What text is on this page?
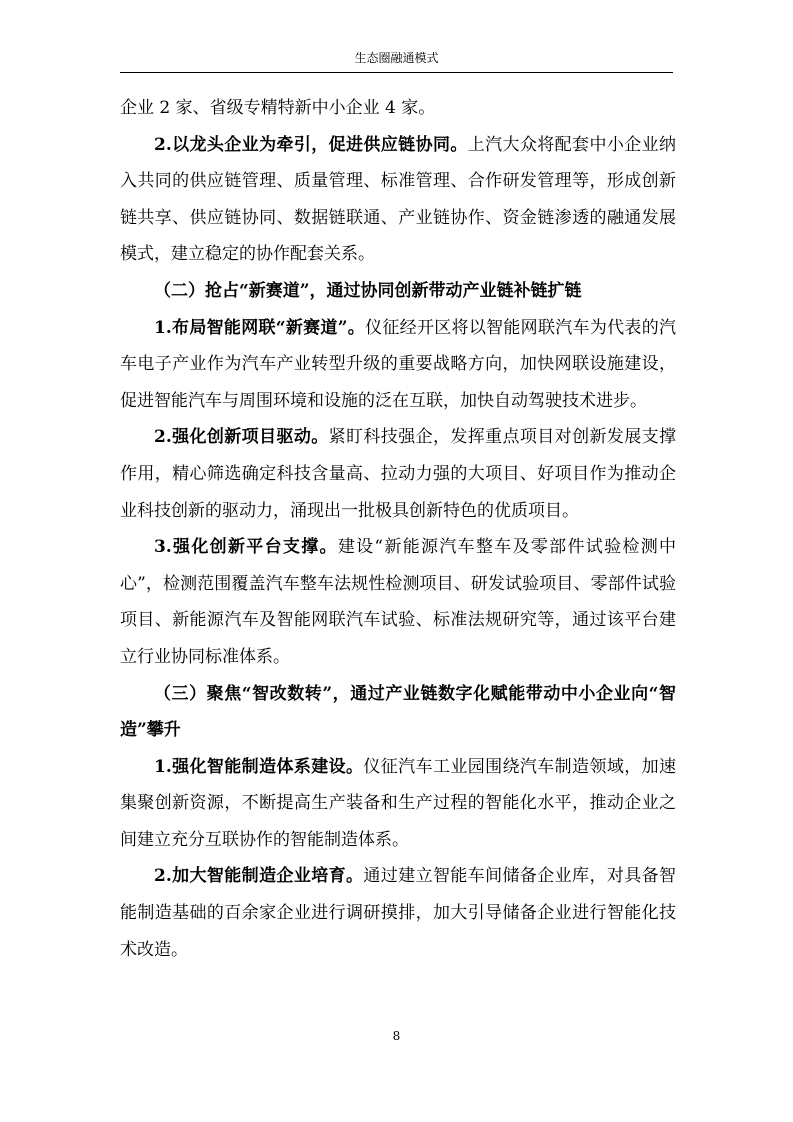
生态圈融通模式

企业 2 家、省级专精特新中小企业 4 家。

2.以龙头企业为牵引，促进供应链协同。上汽大众将配套中小企业纳入共同的供应链管理、质量管理、标准管理、合作研发管理等，形成创新链共享、供应链协同、数据链联通、产业链协作、资金链渗透的融通发展模式，建立稳定的协作配套关系。

（二）抢占“新赛道”，通过协同创新带动产业链补链扩链

1.布局智能网联“新赛道”。仪征经开区将以智能网联汽车为代表的汽车电子产业作为汽车产业转型升级的重要战略方向，加快网联设施建设，促进智能汽车与周围环境和设施的泛在互联，加快自动驾驶技术进步。

2.强化创新项目驱动。紧盯科技强企，发挥重点项目对创新发展支撑作用，精心筛选确定科技含量高、拉动力强的大项目、好项目作为推动企业科技创新的驱动力，涌现出一批极具创新特色的优质项目。

3.强化创新平台支撑。建设“新能源汽车整车及零部件试验检测中心”，检测范围覆盖汽车整车法规性检测项目、研发试验项目、零部件试验项目、新能源汽车及智能网联汽车试验、标准法规研究等，通过该平台建立行业协同标准体系。

（三）聚焦“智改数转”，通过产业链数字化赋能带动中小企业向“智造”攀升

1.强化智能制造体系建设。仪征汽车工业园围绕汽车制造领域，加速集聚创新资源，不断提高生产装备和生产过程的智能化水平，推动企业之间建立充分互联协作的智能制造体系。

2.加大智能制造企业培育。通过建立智能车间储备企业库，对具备智能制造基础的百余家企业进行调研摸排，加大引导储备企业进行智能化技术改造。

8
